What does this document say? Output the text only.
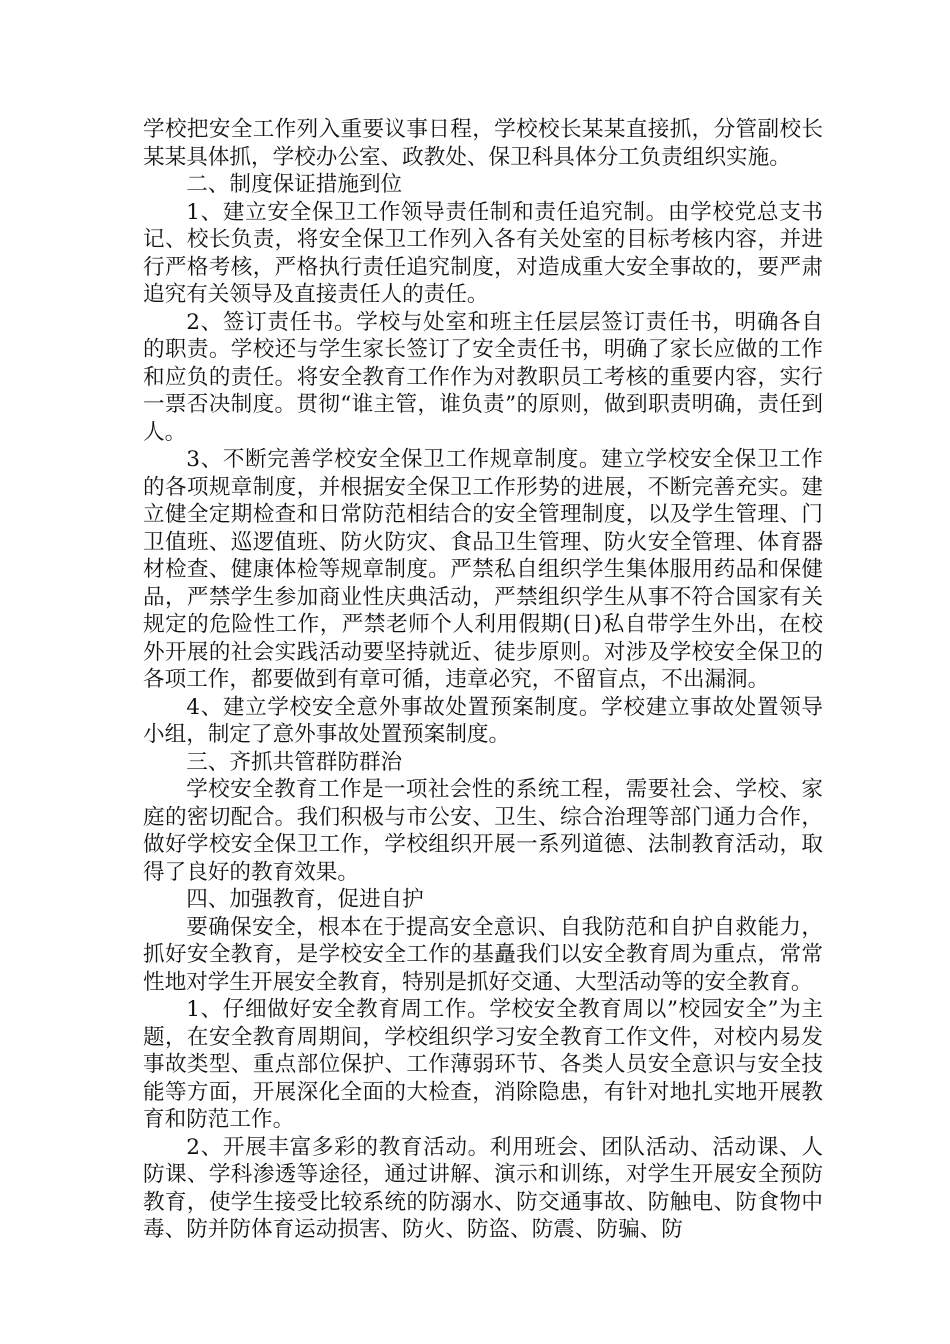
学校把安全工作列入重要议事日程，学校校长某某直接抓，分管副校长某某具体抓，学校办公室、政教处、保卫科具体分工负责组织实施。

二、制度保证措施到位

1、建立安全保卫工作领导责任制和责任追究制。由学校党总支书记、校长负责，将安全保卫工作列入各有关处室的目标考核内容，并进行严格考核，严格执行责任追究制度，对造成重大安全事故的，要严肃追究有关领导及直接责任人的责任。

2、签订责任书。学校与处室和班主任层层签订责任书，明确各自的职责。学校还与学生家长签订了安全责任书，明确了家长应做的工作和应负的责任。将安全教育工作作为对教职员工考核的重要内容，实行一票否决制度。贯彻“谁主管，谁负责”的原则，做到职责明确，责任到人。

3、不断完善学校安全保卫工作规章制度。建立学校安全保卫工作的各项规章制度，并根据安全保卫工作形势的进展，不断完善充实。建立健全定期检查和日常防范相结合的安全管理制度，以及学生管理、门卫值班、巡逻值班、防火防灾、食品卫生管理、防火安全管理、体育器材检查、健康体检等规章制度。严禁私自组织学生集体服用药品和保健品，严禁学生参加商业性庆典活动，严禁组织学生从事不符合国家有关规定的危险性工作，严禁老师个人利用假期(日)私自带学生外出，在校外开展的社会实践活动要坚持就近、徒步原则。对涉及学校安全保卫的各项工作，都要做到有章可循，违章必究，不留盲点，不出漏洞。

4、建立学校安全意外事故处置预案制度。学校建立事故处置领导小组，制定了意外事故处置预案制度。

三、齐抓共管群防群治

学校安全教育工作是一项社会性的系统工程，需要社会、学校、家庭的密切配合。我们积极与市公安、卫生、综合治理等部门通力合作，做好学校安全保卫工作，学校组织开展一系列道德、法制教育活动，取得了良好的教育效果。

四、加强教育，促进自护

要确保安全，根本在于提高安全意识、自我防范和自护自救能力，抓好安全教育，是学校安全工作的基矗我们以安全教育周为重点，常常性地对学生开展安全教育，特别是抓好交通、大型活动等的安全教育。

1、仔细做好安全教育周工作。学校安全教育周以”校园安全”为主题，在安全教育周期间，学校组织学习安全教育工作文件，对校内易发事故类型、重点部位保护、工作薄弱环节、各类人员安全意识与安全技能等方面，开展深化全面的大检查，消除隐患，有针对地扎实地开展教育和防范工作。

2、开展丰富多彩的教育活动。利用班会、团队活动、活动课、人防课、学科渗透等途径，通过讲解、演示和训练，对学生开展安全预防教育，使学生接受比较系统的防溺水、防交通事故、防触电、防食物中毒、防并防体育运动损害、防火、防盗、防震、防骗、防
